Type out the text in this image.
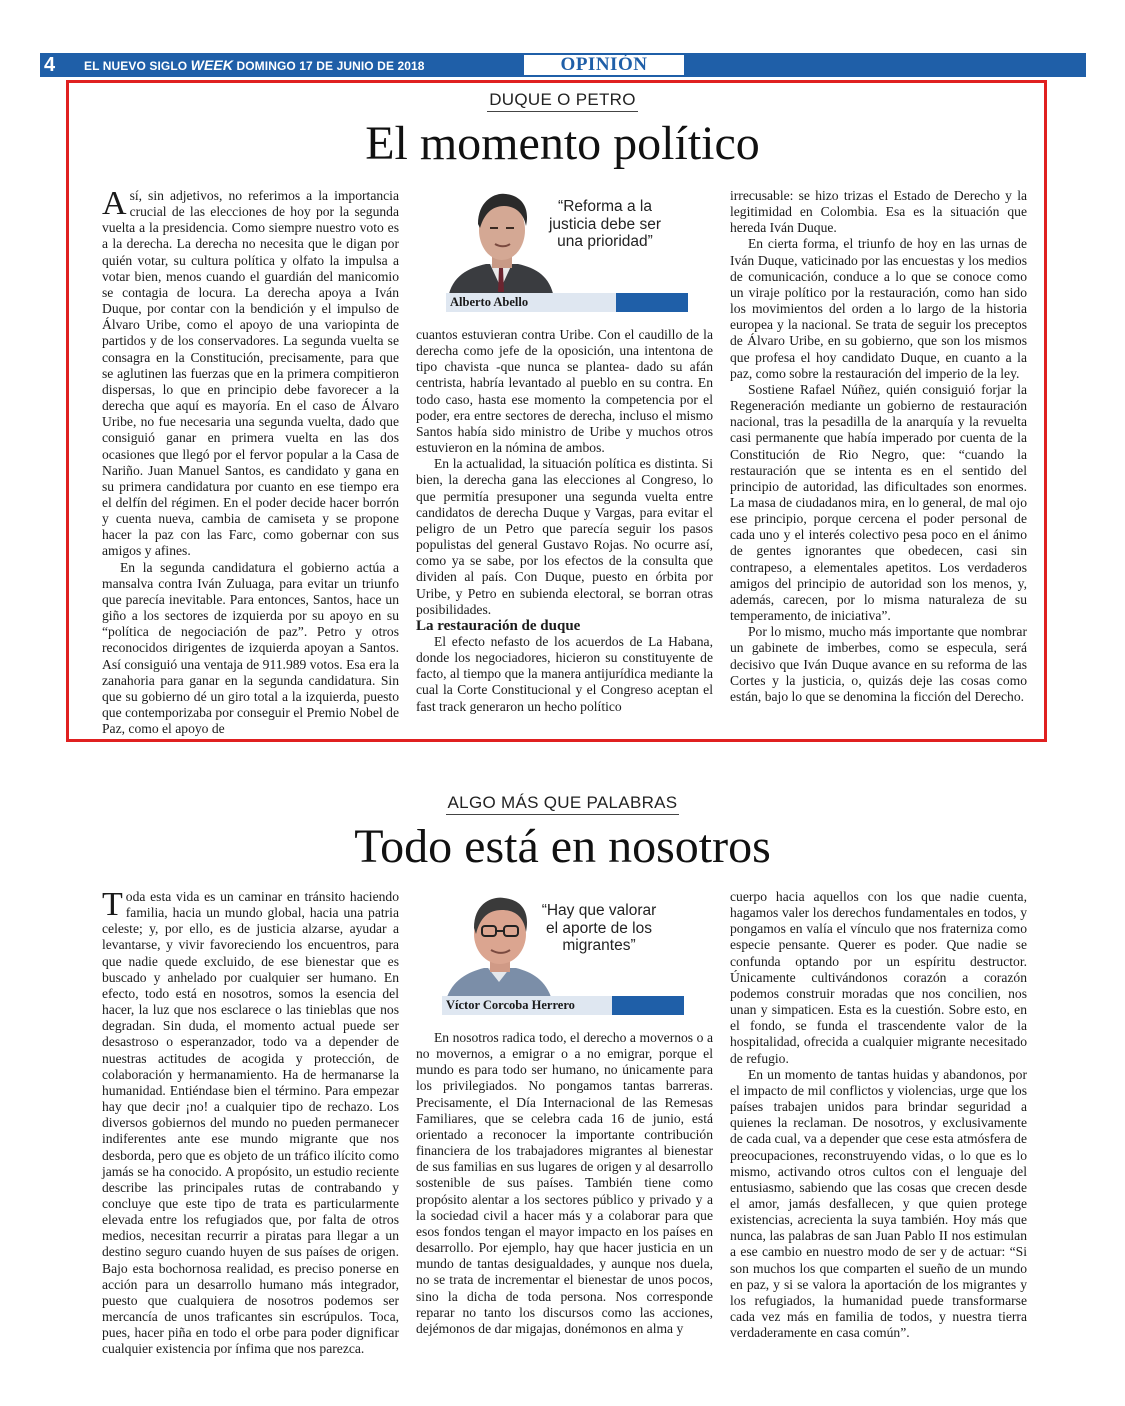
4 EL NUEVO SIGLO WEEK DOMINGO 17 DE JUNIO DE 2018	OPINIÓN
DUQUE O PETRO
El momento político

Así, sin adjetivos, no referimos a la importancia crucial de las elecciones de hoy por la segunda vuelta a la presidencia. Como siempre nuestro voto es a la derecha. La derecha no necesita que le digan por quién votar, su cultura política y olfato la impulsa a votar bien, menos cuando el guardián del manicomio se contagia de locura. La derecha apoya a Iván Duque, por contar con la bendición y el impulso de Álvaro Uribe, como el apoyo de una variopinta de partidos y de los conservadores. La segunda vuelta se consagra en la Constitución, precisamente, para que se aglutinen las fuerzas que en la primera compitieron dispersas, lo que en principio debe favorecer a la derecha que aquí es mayoría. En el caso de Álvaro Uribe, no fue necesaria una segunda vuelta, dado que consiguió ganar en primera vuelta en las dos ocasiones que llegó por el fervor popular a la Casa de Nariño. Juan Manuel Santos, es candidato y gana en su primera candidatura por cuanto en ese tiempo era el delfín del régimen. En el poder decide hacer borrón y cuenta nueva, cambia de camiseta y se propone hacer la paz con las Farc, como gobernar con sus amigos y afines.

En la segunda candidatura el gobierno actúa a mansalva contra Iván Zuluaga, para evitar un triunfo que parecía inevitable. Para entonces, Santos, hace un giño a los sectores de izquierda por su apoyo en su “política de negociación de paz”. Petro y otros reconocidos dirigentes de izquierda apoyan a Santos. Así consiguió una ventaja de 911.989 votos. Esa era la zanahoria para ganar en la segunda candidatura. Sin que su gobierno dé un giro total a la izquierda, puesto que contemporizaba por conseguir el Premio Nobel de Paz, como el apoyo de

“Reforma a la justicia debe ser una prioridad”
Alberto Abello

cuantos estuvieran contra Uribe. Con el caudillo de la derecha como jefe de la oposición, una intentona de tipo chavista -que nunca se plantea- dado su afán centrista, habría levantado al pueblo en su contra. En todo caso, hasta ese momento la competencia por el poder, era entre sectores de derecha, incluso el mismo Santos había sido ministro de Uribe y muchos otros estuvieron en la nómina de ambos.

En la actualidad, la situación política es distinta. Si bien, la derecha gana las elecciones al Congreso, lo que permitía presuponer una segunda vuelta entre candidatos de derecha Duque y Vargas, para evitar el peligro de un Petro que parecía seguir los pasos populistas del general Gustavo Rojas. No ocurre así, como ya se sabe, por los efectos de la consulta que dividen al país. Con Duque, puesto en órbita por Uribe, y Petro en subienda electoral, se borran otras posibilidades.

La restauración de duque

El efecto nefasto de los acuerdos de La Habana, donde los negociadores, hicieron su constituyente de facto, al tiempo que la manera antijurídica mediante la cual la Corte Constitucional y el Congreso aceptan el fast track generaron un hecho político

irrecusable: se hizo trizas el Estado de Derecho y la legitimidad en Colombia. Esa es la situación que hereda Iván Duque.

En cierta forma, el triunfo de hoy en las urnas de Iván Duque, vaticinado por las encuestas y los medios de comunicación, conduce a lo que se conoce como un viraje político por la restauración, como han sido los movimientos del orden a lo largo de la historia europea y la nacional. Se trata de seguir los preceptos de Álvaro Uribe, en su gobierno, que son los mismos que profesa el hoy candidato Duque, en cuanto a la paz, como sobre la restauración del imperio de la ley.

Sostiene Rafael Núñez, quién consiguió forjar la Regeneración mediante un gobierno de restauración nacional, tras la pesadilla de la anarquía y la revuelta casi permanente que había imperado por cuenta de la Constitución de Rio Negro, que: “cuando la restauración que se intenta es en el sentido del principio de autoridad, las dificultades son enormes. La masa de ciudadanos mira, en lo general, de mal ojo ese principio, porque cercena el poder personal de cada uno y el interés colectivo pesa poco en el ánimo de gentes ignorantes que obedecen, casi sin contrapeso, a elementales apetitos. Los verdaderos amigos del principio de autoridad son los menos, y, además, carecen, por lo misma naturaleza de su temperamento, de iniciativa”.

Por lo mismo, mucho más importante que nombrar un gabinete de imberbes, como se especula, será decisivo que Iván Duque avance en su reforma de las Cortes y la justicia, o, quizás deje las cosas como están, bajo lo que se denomina la ficción del Derecho.

ALGO MÁS QUE PALABRAS
Todo está en nosotros

Toda esta vida es un caminar en tránsito haciendo familia, hacia un mundo global, hacia una patria celeste; y, por ello, es de justicia alzarse, ayudar a levantarse, y vivir favoreciendo los encuentros, para que nadie quede excluido, de ese bienestar que es buscado y anhelado por cualquier ser humano. En efecto, todo está en nosotros, somos la esencia del hacer, la luz que nos esclarece o las tinieblas que nos degradan. Sin duda, el momento actual puede ser desastroso o esperanzador, todo va a depender de nuestras actitudes de acogida y protección, de colaboración y hermanamiento. Ha de hermanarse la humanidad. Entiéndase bien el término. Para empezar hay que decir ¡no! a cualquier tipo de rechazo. Los diversos gobiernos del mundo no pueden permanecer indiferentes ante ese mundo migrante que nos desborda, pero que es objeto de un tráfico ilícito como jamás se ha conocido. A propósito, un estudio reciente describe las principales rutas de contrabando y concluye que este tipo de trata es particularmente elevada entre los refugiados que, por falta de otros medios, necesitan recurrir a piratas para llegar a un destino seguro cuando huyen de sus países de origen. Bajo esta bochornosa realidad, es preciso ponerse en acción para un desarrollo humano más integrador, puesto que cualquiera de nosotros podemos ser mercancía de unos traficantes sin escrúpulos. Toca, pues, hacer piña en todo el orbe para poder dignificar cualquier existencia por ínfima que nos parezca.

“Hay que valorar el aporte de los migrantes”
Víctor Corcoba Herrero

En nosotros radica todo, el derecho a movernos o a no movernos, a emigrar o a no emigrar, porque el mundo es para todo ser humano, no únicamente para los privilegiados. No pongamos tantas barreras. Precisamente, el Día Internacional de las Remesas Familiares, que se celebra cada 16 de junio, está orientado a reconocer la importante contribución financiera de los trabajadores migrantes al bienestar de sus familias en sus lugares de origen y al desarrollo sostenible de sus países. También tiene como propósito alentar a los sectores público y privado y a la sociedad civil a hacer más y a colaborar para que esos fondos tengan el mayor impacto en los países en desarrollo. Por ejemplo, hay que hacer justicia en un mundo de tantas desigualdades, y aunque nos duela, no se trata de incrementar el bienestar de unos pocos, sino la dicha de toda persona. Nos corresponde reparar no tanto los discursos como las acciones, dejémonos de dar migajas, donémonos en alma y

cuerpo hacia aquellos con los que nadie cuenta, hagamos valer los derechos fundamentales en todos, y pongamos en valía el vínculo que nos fraterniza como especie pensante. Querer es poder. Que nadie se confunda optando por un espíritu destructor. Únicamente cultivándonos corazón a corazón podemos construir moradas que nos concilien, nos unan y simpaticen. Esta es la cuestión. Sobre esto, en el fondo, se funda el trascendente valor de la hospitalidad, ofrecida a cualquier migrante necesitado de refugio.

En un momento de tantas huidas y abandonos, por el impacto de mil conflictos y violencias, urge que los países trabajen unidos para brindar seguridad a quienes la reclaman. De nosotros, y exclusivamente de cada cual, va a depender que cese esta atmósfera de preocupaciones, reconstruyendo vidas, o lo que es lo mismo, activando otros cultos con el lenguaje del entusiasmo, sabiendo que las cosas que crecen desde el amor, jamás desfallecen, y que quien protege existencias, acrecienta la suya también. Hoy más que nunca, las palabras de san Juan Pablo II nos estimulan a ese cambio en nuestro modo de ser y de actuar: “Si son muchos los que comparten el sueño de un mundo en paz, y si se valora la aportación de los migrantes y los refugiados, la humanidad puede transformarse cada vez más en familia de todos, y nuestra tierra verdaderamente en casa común”.
